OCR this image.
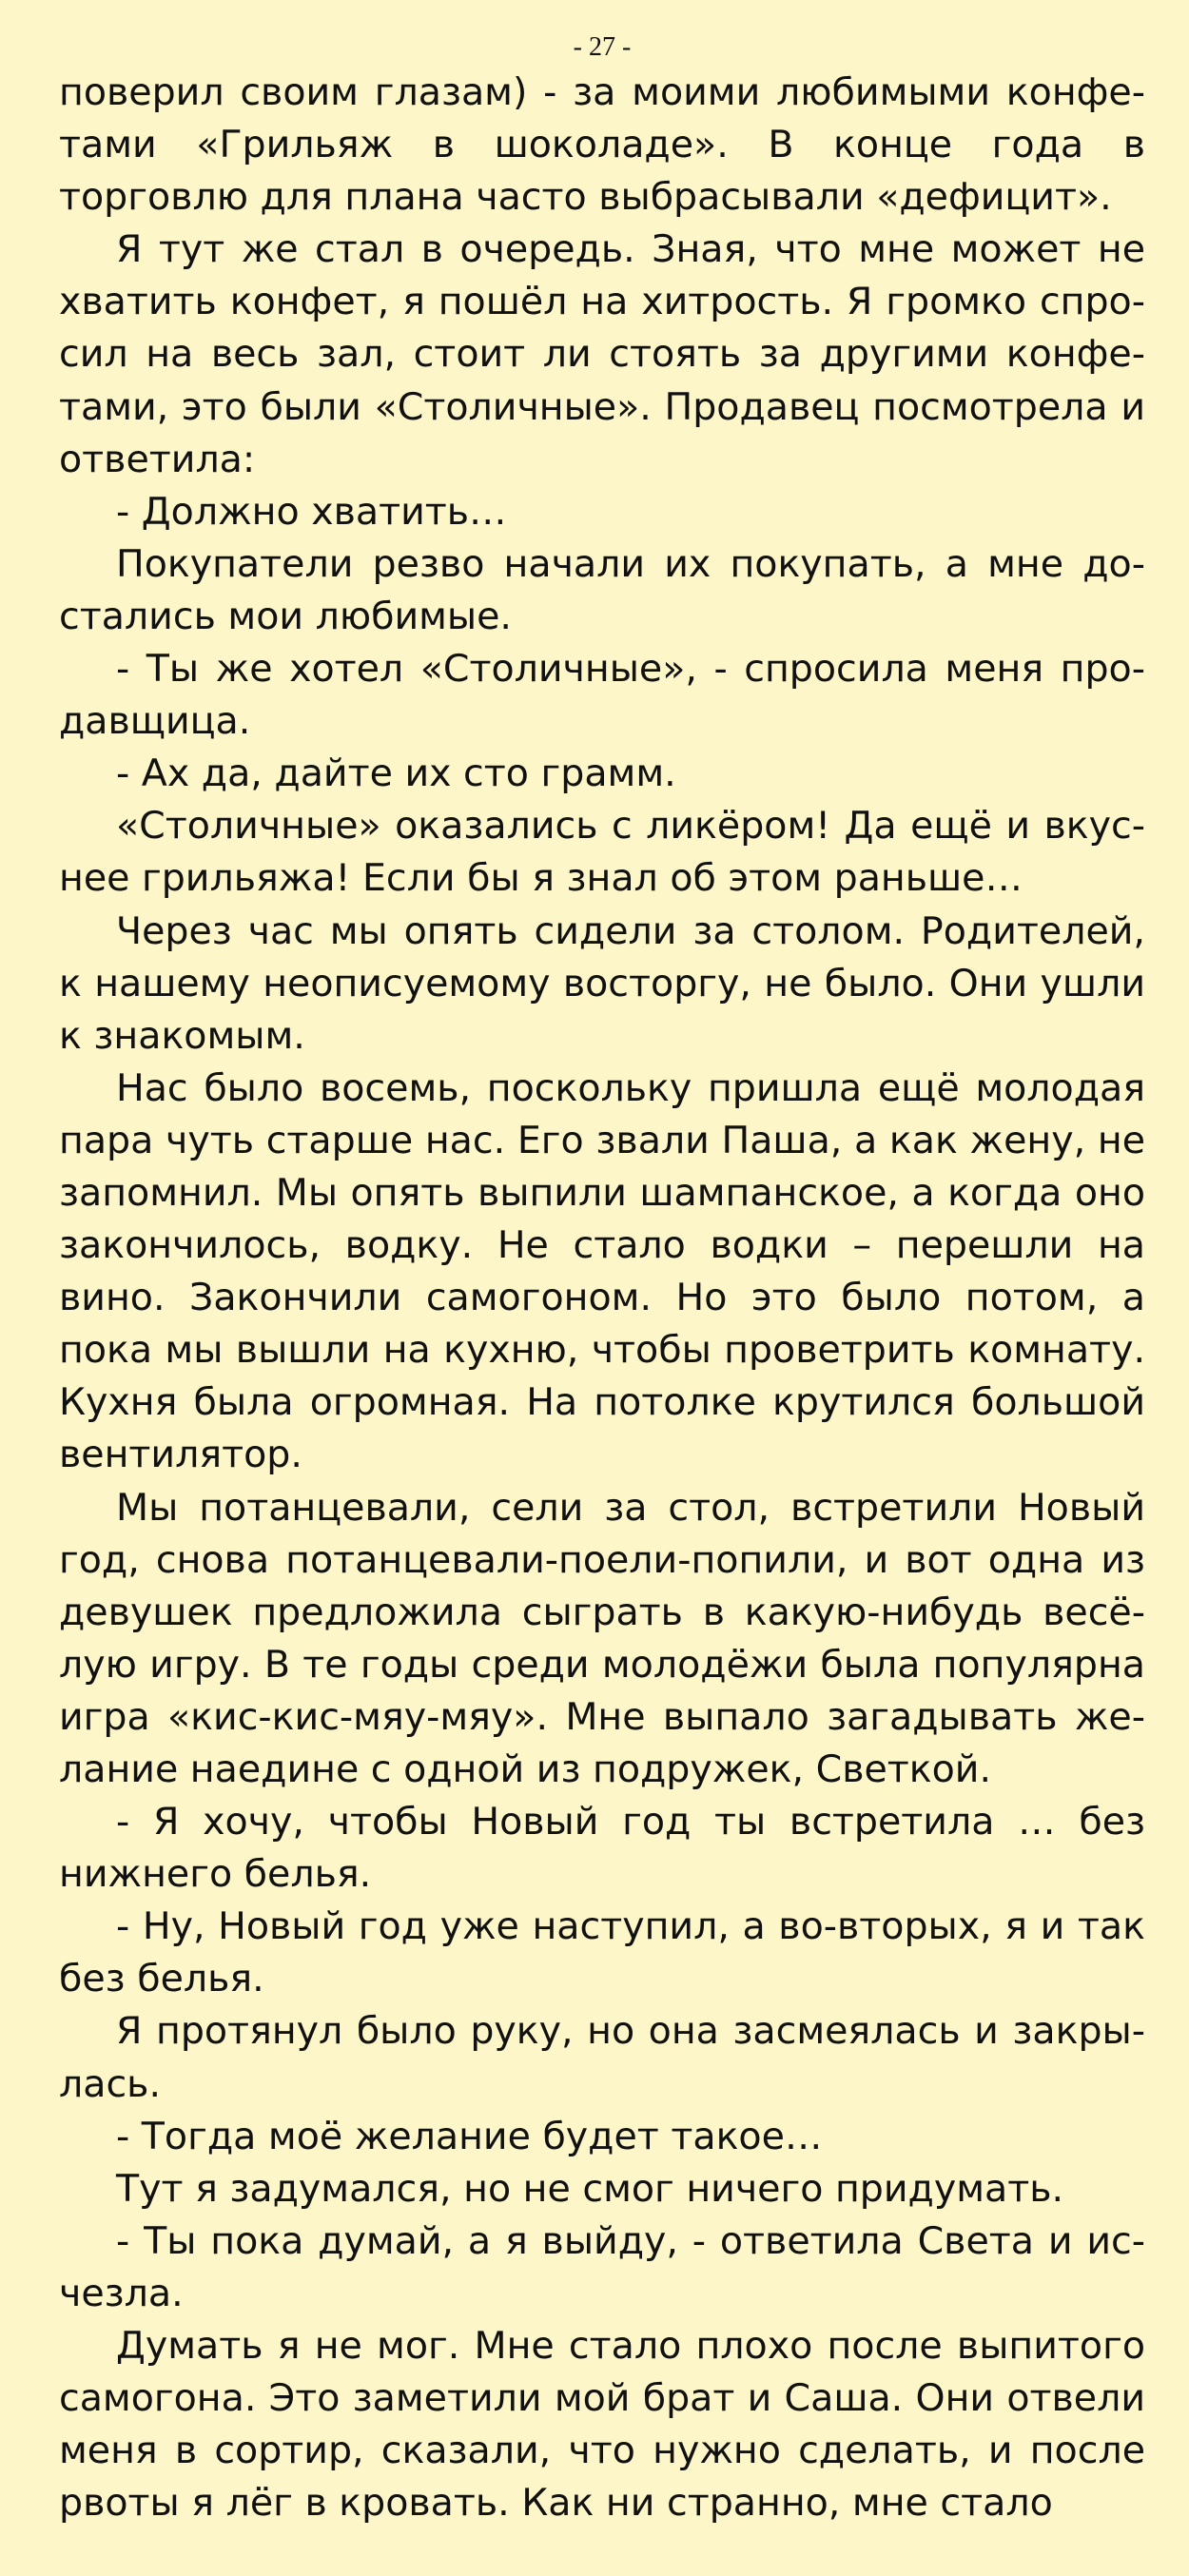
- 27 -

поверил своим глазам) - за моими любимыми конфетами «Грильяж в шоколаде». В конце года в торговлю для плана часто выбрасывали «дефицит».

Я тут же стал в очередь. Зная, что мне может не хватить конфет, я пошёл на хитрость. Я громко спросил на весь зал, стоит ли стоять за другими конфетами, это были «Столичные». Продавец посмотрела и ответила:

- Должно хватить…

Покупатели резво начали их покупать, а мне достались мои любимые.

- Ты же хотел «Столичные», - спросила меня продавщица.

- Ах да, дайте их сто грамм.

«Столичные» оказались с ликёром! Да ещё и вкуснее грильяжа! Если бы я знал об этом раньше…

Через час мы опять сидели за столом. Родителей, к нашему неописуемому восторгу, не было. Они ушли к знакомым.

Нас было восемь, поскольку пришла ещё молодая пара чуть старше нас. Его звали Паша, а как жену, не запомнил. Мы опять выпили шампанское, а когда оно закончилось, водку. Не стало водки – перешли на вино. Закончили самогоном. Но это было потом, а пока мы вышли на кухню, чтобы проветрить комнату. Кухня была огромная. На потолке крутился большой вентилятор.

Мы потанцевали, сели за стол, встретили Новый год, снова потанцевали-поели-попили, и вот одна из девушек предложила сыграть в какую-нибудь весёлую игру. В те годы среди молодёжи была популярна игра «кис-кис-мяу-мяу». Мне выпало загадывать желание наедине с одной из подружек, Светкой.

- Я хочу, чтобы Новый год ты встретила … без нижнего белья.

- Ну, Новый год уже наступил, а во-вторых, я и так без белья.

Я протянул было руку, но она засмеялась и закрылась.

- Тогда моё желание будет такое…

Тут я задумался, но не смог ничего придумать.

- Ты пока думай, а я выйду, - ответила Света и исчезла.

Думать я не мог. Мне стало плохо после выпитого самогона. Это заметили мой брат и Саша. Они отвели меня в сортир, сказали, что нужно сделать, и после рвоты я лёг в кровать. Как ни странно, мне стало
